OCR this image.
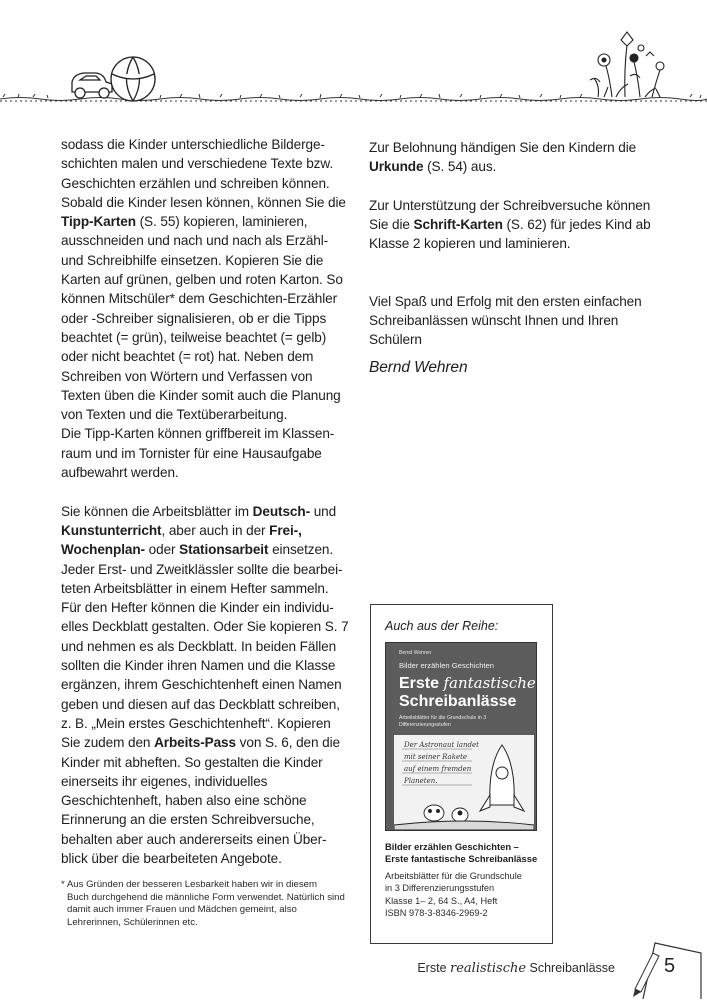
sodass die Kinder unterschiedliche Bilderge-schichten malen und verschiedene Texte bzw. Geschichten erzählen und schreiben können. Sobald die Kinder lesen können, können Sie die Tipp-Karten (S. 55) kopieren, laminieren, ausschneiden und nach und nach als Erzähl- und Schreibhilfe einsetzen. Kopieren Sie die Karten auf grünen, gelben und roten Karton. So können Mitschüler* dem Geschichten-Erzähler oder -Schreiber signalisieren, ob er die Tipps beachtet (= grün), teilweise beachtet (= gelb) oder nicht beachtet (= rot) hat. Neben dem Schreiben von Wörtern und Verfassen von Texten üben die Kinder somit auch die Planung von Texten und die Textüberarbeitung.

Die Tipp-Karten können griffbereit im Klassen-raum und im Tornister für eine Hausaufgabe aufbewahrt werden.

Sie können die Arbeitsblätter im Deutsch- und Kunstunterricht, aber auch in der Frei-, Wochenplan- oder Stationsarbeit einsetzen. Jeder Erst- und Zweitklässler sollte die bearbei-teten Arbeitsblätter in einem Hefter sammeln. Für den Hefter können die Kinder ein individu-elles Deckblatt gestalten. Oder Sie kopieren S. 7 und nehmen es als Deckblatt. In beiden Fällen sollten die Kinder ihren Namen und die Klasse ergänzen, ihrem Geschichtenheft einen Namen geben und diesen auf das Deckblatt schreiben, z. B. „Mein erstes Geschichtenheft“. Kopieren Sie zudem den Arbeits-Pass von S. 6, den die Kinder mit abheften. So gestalten die Kinder einerseits ihr eigenes, individuelles Geschichtenheft, haben also eine schöne Erinnerung an die ersten Schreibversuche, behalten aber auch andererseits einen Über-blick über die bearbeiteten Angebote.

* Aus Gründen der besseren Lesbarkeit haben wir in diesem
Buch durchgehend die männliche Form verwendet. Natürlich sind damit auch immer Frauen und Mädchen gemeint, also Lehrerinnen, Schülerinnen etc.

Zur Belohnung händigen Sie den Kindern die Urkunde (S. 54) aus.

Zur Unterstützung der Schreibversuche können Sie die Schrift-Karten (S. 62) für jedes Kind ab Klasse 2 kopieren und laminieren.

Viel Spaß und Erfolg mit den ersten einfachen Schreibanlässen wünscht Ihnen und Ihren Schülern

Bernd Wehren

Auch aus der Reihe:
Bernd Wehren
Bilder erzählen Geschichten
Erste fantastische
Schreibanlässe
Arbeitsblätter für die Grundschule in 3 Differenzierungsstufen
Der Astronaut landet
mit seiner Rakete
auf einem fremden
Planeten.
Bilder erzählen Geschichten –
Erste fantastische Schreibanlässe
Arbeitsblätter für die Grundschule
in 3 Differenzierungsstufen
Klasse 1– 2, 64 S., A4, Heft
ISBN 978-3-8346-2969-2
Erste realistische Schreibanlässe 5
